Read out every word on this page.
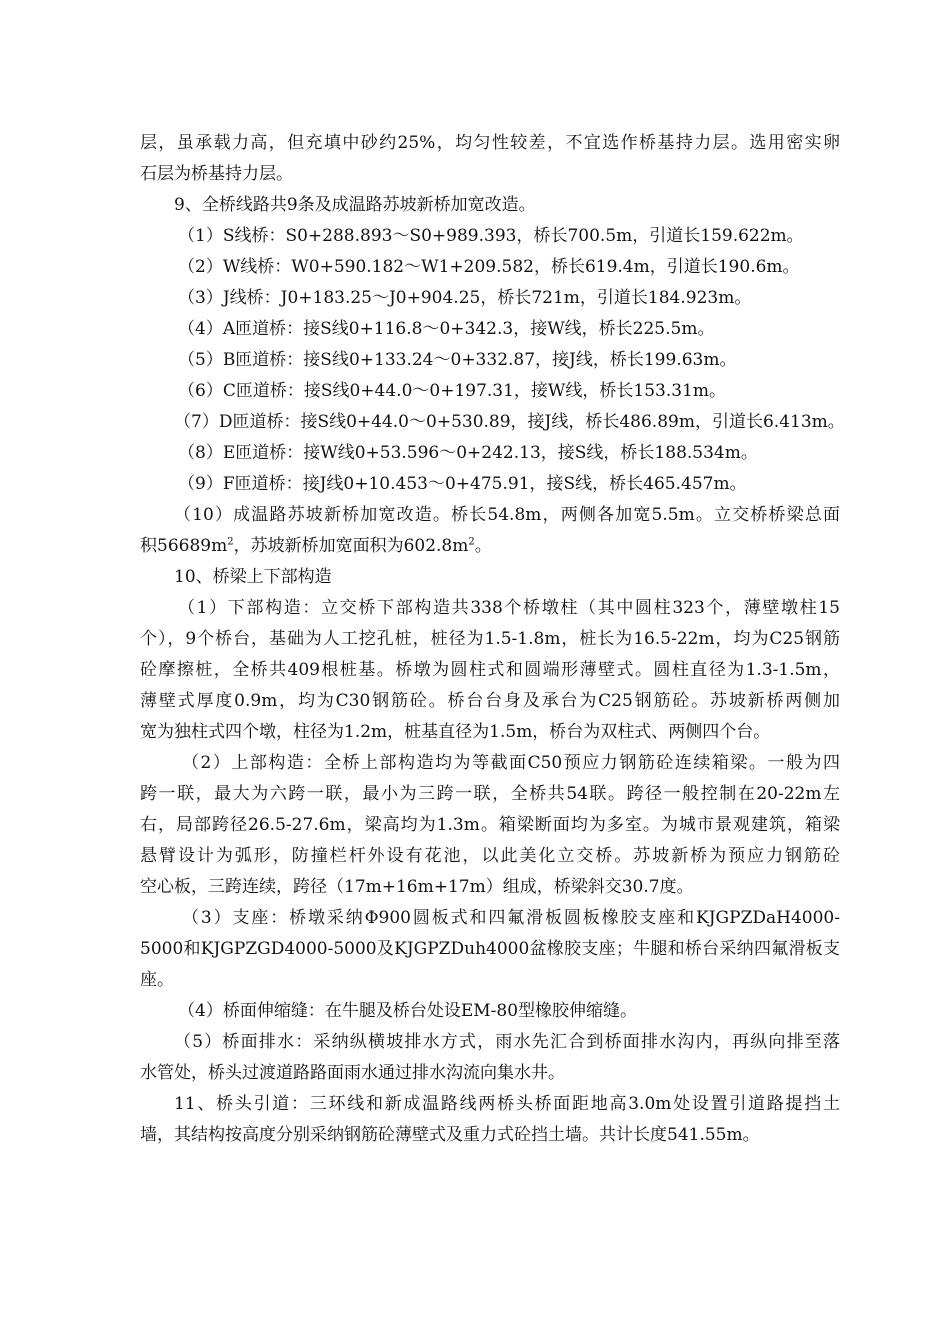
层，虽承载力高，但充填中砂约25%，均匀性较差，不宜选作桥基持力层。选用密实卵
石层为桥基持力层。
9、全桥线路共9条及成温路苏坡新桥加宽改造。
（1）S线桥：S0+288.893～S0+989.393，桥长700.5m，引道长159.622m。
（2）W线桥：W0+590.182～W1+209.582，桥长619.4m，引道长190.6m。
（3）J线桥：J0+183.25～J0+904.25，桥长721m，引道长184.923m。
（4）A匝道桥：接S线0+116.8～0+342.3，接W线，桥长225.5m。
（5）B匝道桥：接S线0+133.24～0+332.87，接J线，桥长199.63m。
（6）C匝道桥：接S线0+44.0～0+197.31，接W线，桥长153.31m。
（7）D匝道桥：接S线0+44.0～0+530.89，接J线，桥长486.89m，引道长6.413m。
（8）E匝道桥：接W线0+53.596～0+242.13，接S线，桥长188.534m。
（9）F匝道桥：接J线0+10.453～0+475.91，接S线，桥长465.457m。
（10）成温路苏坡新桥加宽改造。桥长54.8m，两侧各加宽5.5m。立交桥桥梁总面
积$56689m^2$，苏坡新桥加宽面积为$602.8m^2$。
10、桥梁上下部构造
（1）下部构造：立交桥下部构造共338个桥墩柱（其中圆柱323个，薄壁墩柱15
个），9个桥台，基础为人工挖孔桩，桩径为1.5-1.8m，桩长为16.5-22m，均为C25钢筋
砼摩擦桩，全桥共409根桩基。桥墩为圆柱式和圆端形薄壁式。圆柱直径为1.3-1.5m，
薄壁式厚度0.9m，均为C30钢筋砼。桥台台身及承台为C25钢筋砼。苏坡新桥两侧加
宽为独柱式四个墩，柱径为1.2m，桩基直径为1.5m，桥台为双柱式、两侧四个台。
（2）上部构造：全桥上部构造均为等截面C50预应力钢筋砼连续箱梁。一般为四
跨一联，最大为六跨一联，最小为三跨一联，全桥共54联。跨径一般控制在20-22m左
右，局部跨径26.5-27.6m，梁高均为1.3m。箱梁断面均为多室。为城市景观建筑，箱梁
悬臂设计为弧形，防撞栏杆外设有花池，以此美化立交桥。苏坡新桥为预应力钢筋砼
空心板，三跨连续，跨径（17m+16m+17m）组成，桥梁斜交30.7度。
（3）支座：桥墩采纳Φ900圆板式和四氟滑板圆板橡胶支座和KJGPZDaH4000-
5000和KJGPZGD4000-5000及KJGPZDuh4000盆橡胶支座；牛腿和桥台采纳四氟滑板支
座。
（4）桥面伸缩缝：在牛腿及桥台处设EM-80型橡胶伸缩缝。
（5）桥面排水：采纳纵横坡排水方式，雨水先汇合到桥面排水沟内，再纵向排至落
水管处，桥头过渡道路路面雨水通过排水沟流向集水井。
11、桥头引道：三环线和新成温路线两桥头桥面距地高3.0m处设置引道路提挡土
墙，其结构按高度分别采纳钢筋砼薄壁式及重力式砼挡土墙。共计长度541.55m。
